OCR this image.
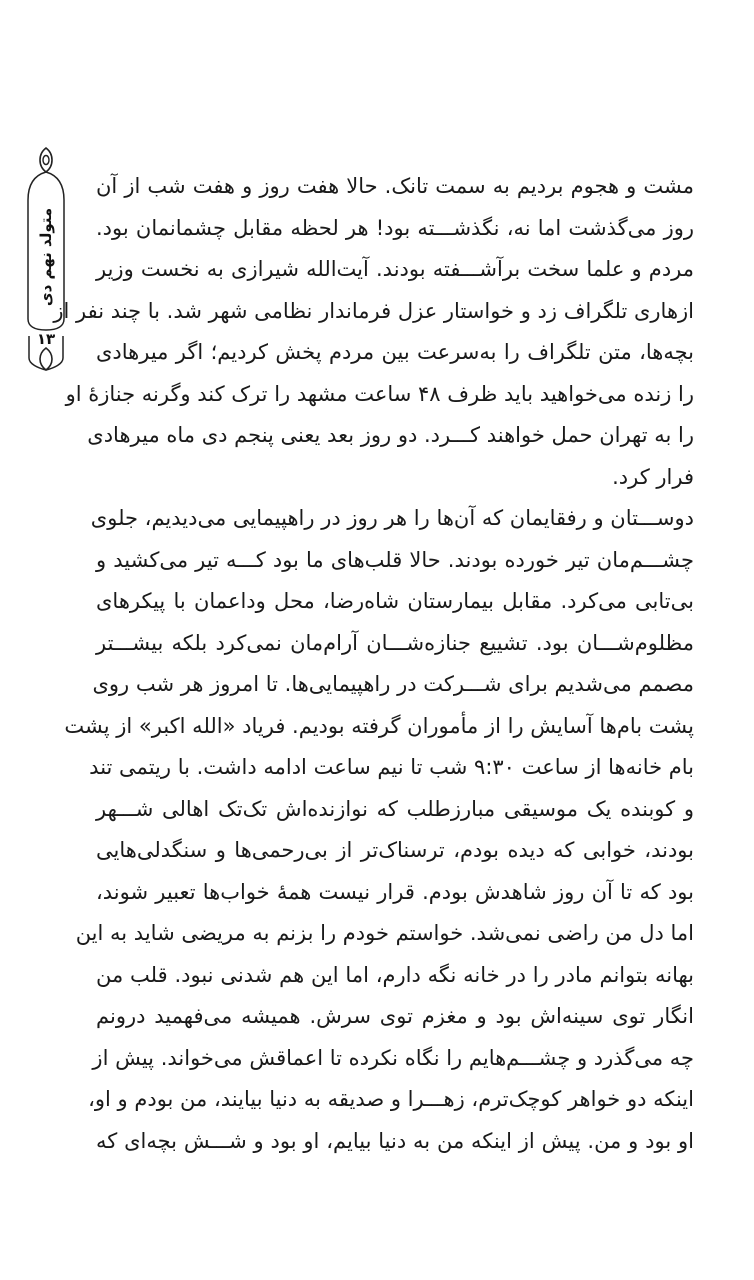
متولد نهم دی
۱۳
مشت و هجوم بردیم به سمت تانک. حالا هفت روز و هفت شب از آن
روز می‌گذشت اما نه، نگذشـــته بود! هر لحظه مقابل چشمانمان بود.
مردم و علما سخت برآشـــفته بودند. آیت‌الله شیرازی به نخست وزیر
ازهاری تلگراف زد و خواستار عزل فرماندار نظامی شهر شد. با چند نفر از
بچه‌ها، متن تلگراف را به‌سرعت بین مردم پخش کردیم؛ اگر میرهادی
را زنده می‌خواهید باید ظرف ۴۸ ساعت مشهد را ترک کند وگرنه جنازهٔ او
را به تهران حمل خواهند کـــرد. دو روز بعد یعنی پنجم دی ماه میرهادی
فرار کرد.
دوســـتان و رفقایمان که آن‌ها را هر روز در راهپیمایی می‌دیدیم، جلوی
چشـــم‌مان تیر خورده بودند. حالا قلب‌های ما بود کـــه تیر می‌کشید و
بی‌تابی می‌کرد. مقابل بیمارستان شاه‌رضا، محل وداعمان با پیکرهای
مظلوم‌شـــان بود. تشییع جنازه‌شـــان آرام‌مان نمی‌کرد بلکه بیشـــتر
مصمم می‌شدیم برای شـــرکت در راهپیمایی‌ها. تا امروز هر شب روی
پشت بام‌ها آسایش را از مأموران گرفته بودیم. فریاد «الله اکبر» از پشت
بام خانه‌ها از ساعت ۹:۳۰ شب تا نیم ساعت ادامه داشت. با ریتمی تند
و کوبنده یک موسیقی مبارزطلب که نوازنده‌اش تک‌تک اهالی شـــهر
بودند، خوابی که دیده بودم، ترسناک‌تر از بی‌رحمی‌ها و سنگدلی‌هایی
بود که تا آن روز شاهدش بودم. قرار نیست همهٔ خواب‌ها تعبیر شوند،
اما دل من راضی نمی‌شد. خواستم خودم را بزنم به مریضی شاید به این
بهانه بتوانم مادر را در خانه نگه دارم، اما این هم شدنی نبود. قلب من
انگار توی سینه‌اش بود و مغزم توی سرش. همیشه می‌فهمید درونم
چه می‌گذرد و چشـــم‌هایم را نگاه نکرده تا اعماقش می‌خواند. پیش از
اینکه دو خواهر کوچک‌ترم، زهـــرا و صدیقه به دنیا بیایند، من بودم و او،
او بود و من. پیش از اینکه من به دنیا بیایم، او بود و شـــش بچه‌ای که
